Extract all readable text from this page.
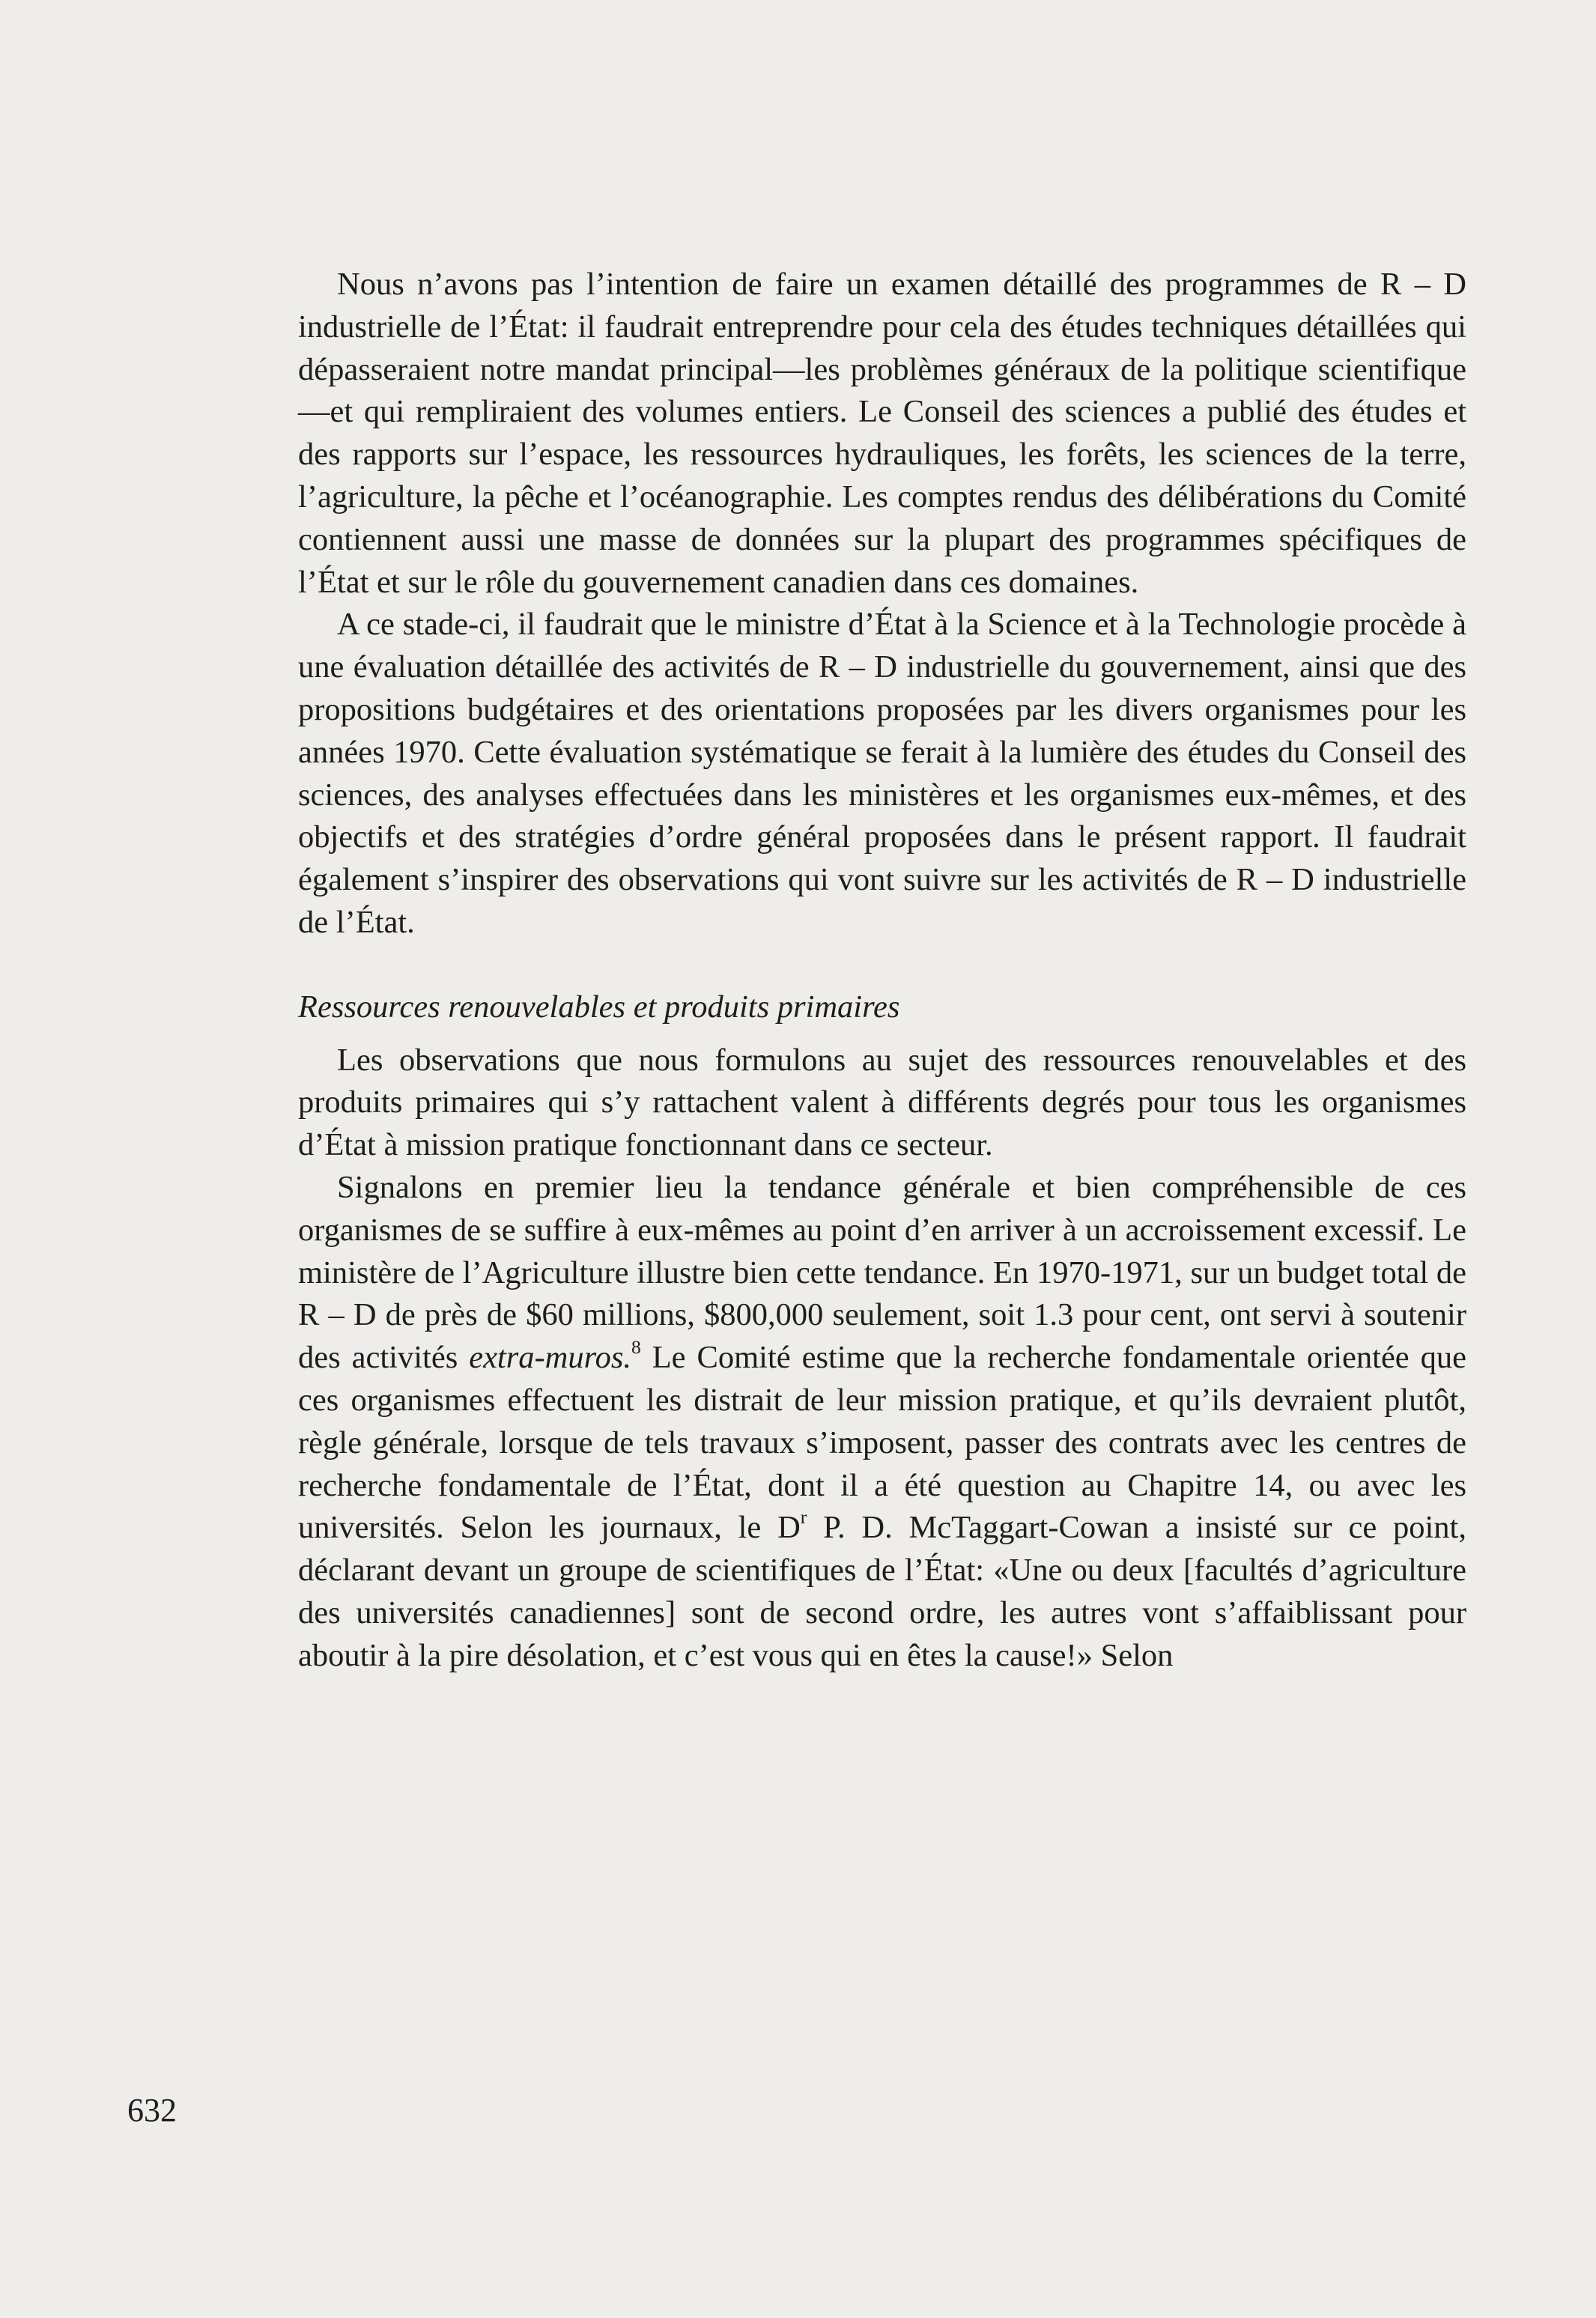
Nous n’avons pas l’intention de faire un examen détaillé des programmes de R – D industrielle de l’État: il faudrait entreprendre pour cela des études techniques détaillées qui dépasseraient notre mandat principal—les problèmes généraux de la politique scientifique—et qui rempliraient des volumes entiers. Le Conseil des sciences a publié des études et des rapports sur l’espace, les ressources hydrauliques, les forêts, les sciences de la terre, l’agriculture, la pêche et l’océanographie. Les comptes rendus des délibérations du Comité contiennent aussi une masse de données sur la plupart des programmes spécifiques de l’État et sur le rôle du gouvernement canadien dans ces domaines.

A ce stade-ci, il faudrait que le ministre d’État à la Science et à la Technologie procède à une évaluation détaillée des activités de R – D industrielle du gouvernement, ainsi que des propositions budgétaires et des orientations proposées par les divers organismes pour les années 1970. Cette évaluation systématique se ferait à la lumière des études du Conseil des sciences, des analyses effectuées dans les ministères et les organismes eux-mêmes, et des objectifs et des stratégies d’ordre général proposées dans le présent rapport. Il faudrait également s’inspirer des observations qui vont suivre sur les activités de R – D industrielle de l’État.

Ressources renouvelables et produits primaires

Les observations que nous formulons au sujet des ressources renouvelables et des produits primaires qui s’y rattachent valent à différents degrés pour tous les organismes d’État à mission pratique fonctionnant dans ce secteur.

Signalons en premier lieu la tendance générale et bien compréhensible de ces organismes de se suffire à eux-mêmes au point d’en arriver à un accroissement excessif. Le ministère de l’Agriculture illustre bien cette tendance. En 1970-1971, sur un budget total de R – D de près de $60 millions, $800,000 seulement, soit 1.3 pour cent, ont servi à soutenir des activités extra-muros.$^8$ Le Comité estime que la recherche fondamentale orientée que ces organismes effectuent les distrait de leur mission pratique, et qu’ils devraient plutôt, règle générale, lorsque de tels travaux s’imposent, passer des contrats avec les centres de recherche fondamentale de l’État, dont il a été question au Chapitre 14, ou avec les universités. Selon les journaux, le $D^r$ P. D. McTaggart-Cowan a insisté sur ce point, déclarant devant un groupe de scientifiques de l’État: «Une ou deux [facultés d’agriculture des universités canadiennes] sont de second ordre, les autres vont s’affaiblissant pour aboutir à la pire désolation, et c’est vous qui en êtes la cause!» Selon

632
